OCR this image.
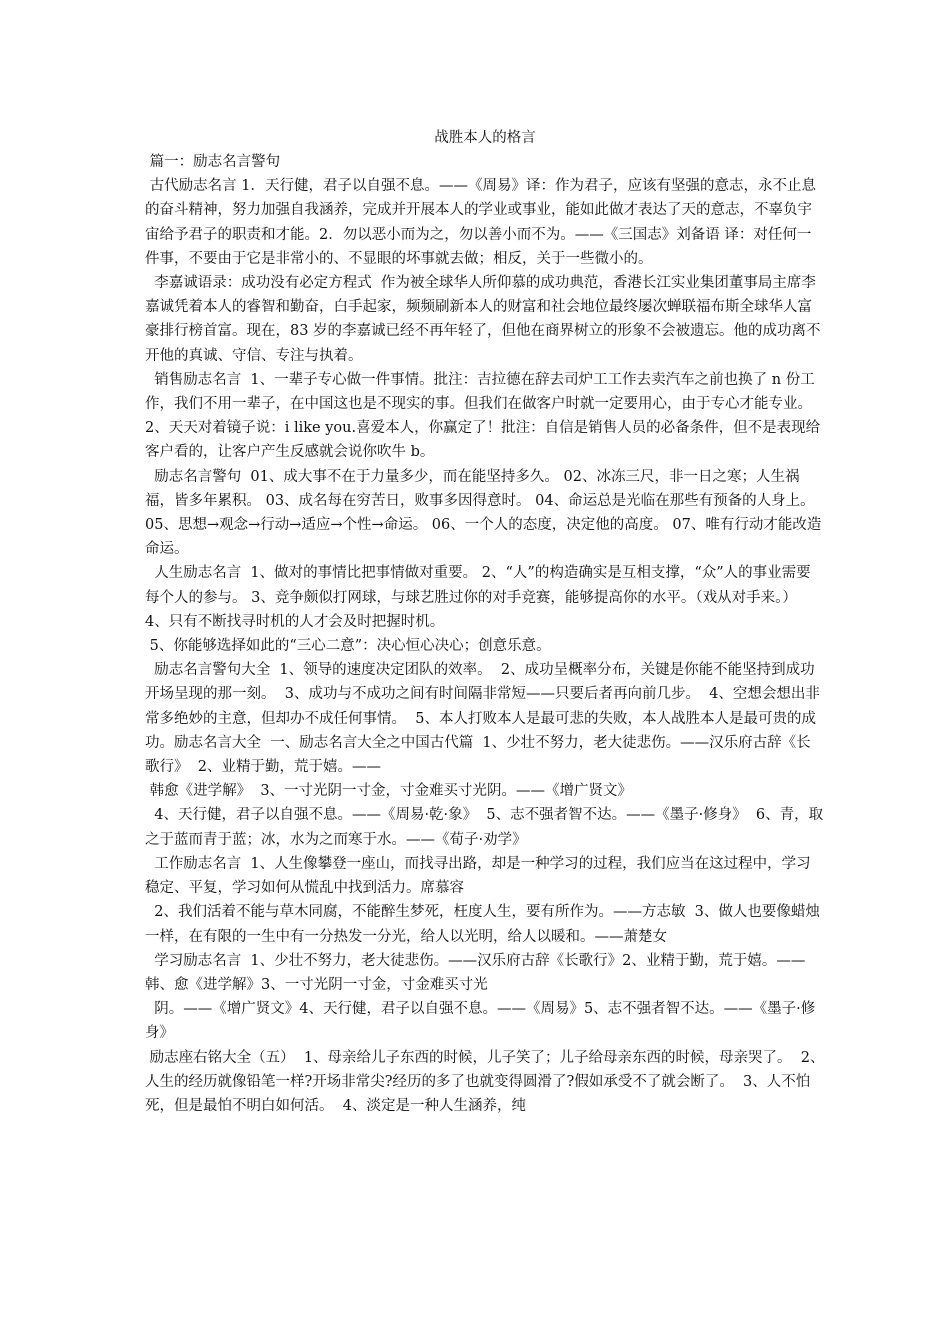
战胜本人的格言

篇一：励志名言警句

古代励志名言 1．天行健，君子以自强不息。——《周易》译：作为君子，应该有坚强的意志，永不止息的奋斗精神，努力加强自我涵养，完成并开展本人的学业或事业，能如此做才表达了天的意志，不辜负宇宙给予君子的职责和才能。2．勿以恶小而为之，勿以善小而不为。——《三国志》刘备语 译：对任何一件事，不要由于它是非常小的、不显眼的坏事就去做；相反，关于一些微小的。

李嘉诚语录：成功没有必定方程式  作为被全球华人所仰慕的成功典范，香港长江实业集团董事局主席李嘉诚凭着本人的睿智和勤奋，白手起家，频频刷新本人的财富和社会地位最终屡次蝉联福布斯全球华人富豪排行榜首富。现在，83 岁的李嘉诚已经不再年轻了，但他在商界树立的形象不会被遗忘。他的成功离不开他的真诚、守信、专注与执着。

销售励志名言  1、一辈子专心做一件事情。批注：吉拉德在辞去司炉工工作去卖汽车之前也换了 n 份工作，我们不用一辈子，在中国这也是不现实的事。但我们在做客户时就一定要用心，由于专心才能专业。2、天天对着镜子说：i like you.喜爱本人，你赢定了！批注：自信是销售人员的必备条件，但不是表现给客户看的，让客户产生反感就会说你吹牛 b。

励志名言警句  01、成大事不在于力量多少，而在能坚持多久。 02、冰冻三尺，非一日之寒；人生祸福，皆多年累积。 03、成名每在穷苦日，败事多因得意时。 04、命运总是光临在那些有预备的人身上。 05、思想→观念→行动→适应→个性→命运。 06、一个人的态度，决定他的高度。 07、唯有行动才能改造命运。

人生励志名言  1、做对的事情比把事情做对重要。 2、“人”的构造确实是互相支撑，“众”人的事业需要每个人的参与。 3、竞争颇似打网球，与球艺胜过你的对手竞赛，能够提高你的水平。（戏从对手来。） 4、只有不断找寻时机的人才会及时把握时机。

5、你能够选择如此的“三心二意”：决心恒心决心；创意乐意。

励志名言警句大全  1、领导的速度决定团队的效率。  2、成功呈概率分布，关键是你能不能坚持到成功开场呈现的那一刻。  3、成功与不成功之间有时间隔非常短——只要后者再向前几步。  4、空想会想出非常多绝妙的主意，但却办不成任何事情。  5、本人打败本人是最可悲的失败，本人战胜本人是最可贵的成功。励志名言大全  一、励志名言大全之中国古代篇  1、少壮不努力，老大徒悲伤。——汉乐府古辞《长歌行》  2、业精于勤，荒于嬉。——

韩愈《进学解》  3、一寸光阴一寸金，寸金难买寸光阴。——《增广贤文》

4、天行健，君子以自强不息。——《周易·乾·象》  5、志不强者智不达。——《墨子·修身》  6、青，取之于蓝而青于蓝；冰，水为之而寒于水。——《荀子·劝学》

工作励志名言  1、人生像攀登一座山，而找寻出路，却是一种学习的过程，我们应当在这过程中，学习稳定、平复，学习如何从慌乱中找到活力。席慕容

2、我们活着不能与草木同腐，不能醉生梦死，枉度人生，要有所作为。——方志敏  3、做人也要像蜡烛一样，在有限的一生中有一分热发一分光，给人以光明，给人以暖和。——萧楚女

学习励志名言  1、少壮不努力，老大徒悲伤。——汉乐府古辞《长歌行》2、业精于勤，荒于嬉。——韩、愈《进学解》3、一寸光阴一寸金，寸金难买寸光

阴。——《增广贤文》4、天行健，君子以自强不息。——《周易》5、志不强者智不达。——《墨子·修身》

励志座右铭大全（五）  1、母亲给儿子东西的时候，儿子笑了；儿子给母亲东西的时候，母亲哭了。  2、人生的经历就像铅笔一样?开场非常尖?经历的多了也就变得圆滑了?假如承受不了就会断了。  3、人不怕死，但是最怕不明白如何活。  4、淡定是一种人生涵养，纯
